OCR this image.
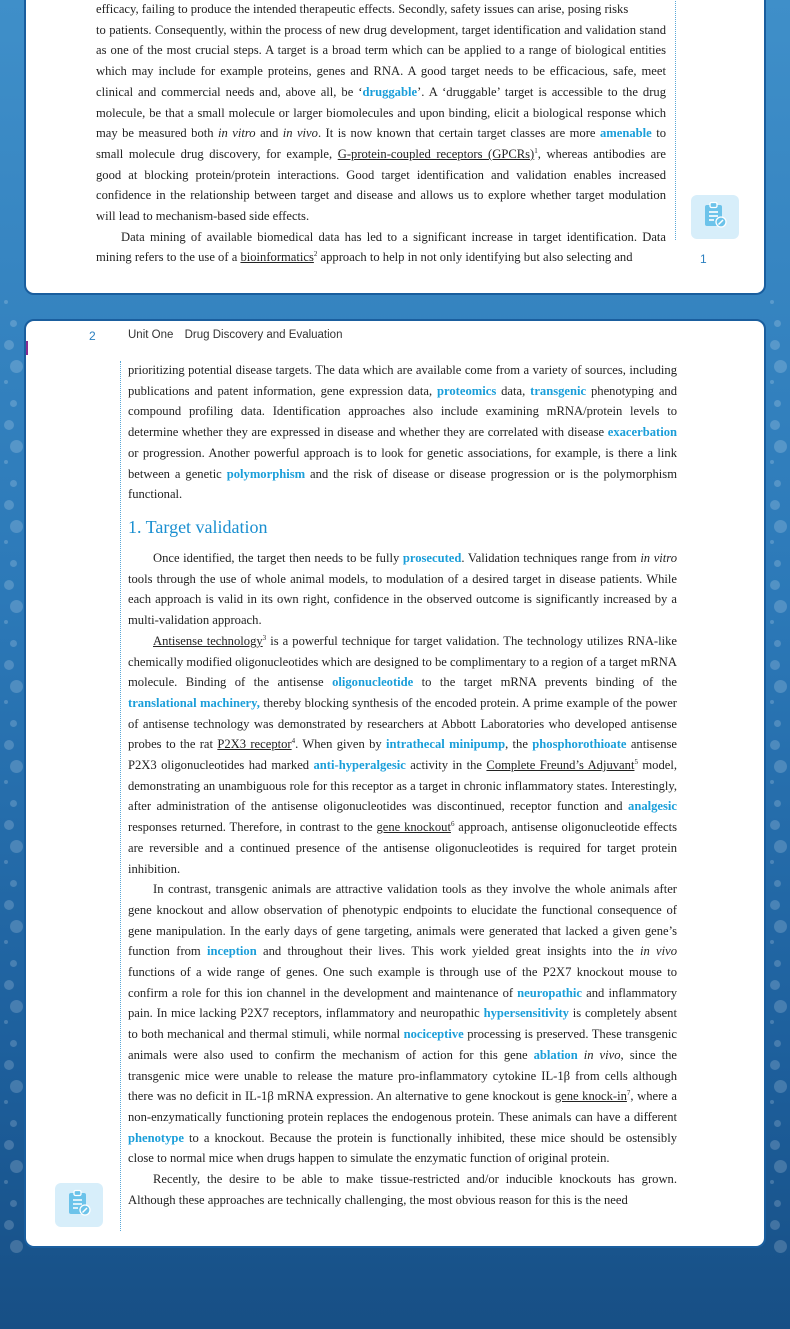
efficacy, failing to produce the intended therapeutic effects. Secondly, safety issues can arise, posing risks

to patients. Consequently, within the process of new drug development, target identification and validation stand as one of the most crucial steps. A target is a broad term which can be applied to a range of biological entities which may include for example proteins, genes and RNA. A good target needs to be efficacious, safe, meet clinical and commercial needs and, above all, be ‘druggable’. A ‘druggable’ target is accessible to the drug molecule, be that a small molecule or larger biomolecules and upon binding, elicit a biological response which may be measured both in vitro and in vivo. It is now known that certain target classes are more amenable to small molecule drug discovery, for example, G-protein-coupled receptors (GPCRs)$^1$, whereas antibodies are good at blocking protein/protein interactions. Good target identification and validation enables increased confidence in the relationship between target and disease and allows us to explore whether target modulation will lead to mechanism-based side effects.

Data mining of available biomedical data has led to a significant increase in target identification. Data mining refers to the use of a bioinformatics$^2$ approach to help in not only identifying but also selecting and	1
2	Unit One Drug Discovery and Evaluation

prioritizing potential disease targets. The data which are available come from a variety of sources, including publications and patent information, gene expression data, proteomics data, transgenic phenotyping and compound profiling data. Identification approaches also include examining mRNA/protein levels to determine whether they are expressed in disease and whether they are correlated with disease exacerbation or progression. Another powerful approach is to look for genetic associations, for example, is there a link between a genetic polymorphism and the risk of disease or disease progression or is the polymorphism functional.

1. Target validation

Once identified, the target then needs to be fully prosecuted. Validation techniques range from in vitro tools through the use of whole animal models, to modulation of a desired target in disease patients. While each approach is valid in its own right, confidence in the observed outcome is significantly increased by a multi-validation approach.

Antisense technology$^3$ is a powerful technique for target validation. The technology utilizes RNA-like chemically modified oligonucleotides which are designed to be complimentary to a region of a target mRNA molecule. Binding of the antisense oligonucleotide to the target mRNA prevents binding of the translational machinery, thereby blocking synthesis of the encoded protein. A prime example of the power of antisense technology was demonstrated by researchers at Abbott Laboratories who developed antisense probes to the rat P2X3 receptor$^4$. When given by intrathecal minipump, the phosphorothioate antisense P2X3 oligonucleotides had marked anti-hyperalgesic activity in the Complete Freund’s Adjuvant$^5$ model, demonstrating an unambiguous role for this receptor as a target in chronic inflammatory states. Interestingly, after administration of the antisense oligonucleotides was discontinued, receptor function and analgesic responses returned. Therefore, in contrast to the gene knockout$^6$ approach, antisense oligonucleotide effects are reversible and a continued presence of the antisense oligonucleotides is required for target protein inhibition.

In contrast, transgenic animals are attractive validation tools as they involve the whole animals after gene knockout and allow observation of phenotypic endpoints to elucidate the functional consequence of gene manipulation. In the early days of gene targeting, animals were generated that lacked a given gene’s function from inception and throughout their lives. This work yielded great insights into the in vivo functions of a wide range of genes. One such example is through use of the P2X7 knockout mouse to confirm a role for this ion channel in the development and maintenance of neuropathic and inflammatory pain. In mice lacking P2X7 receptors, inflammatory and neuropathic hypersensitivity is completely absent to both mechanical and thermal stimuli, while normal nociceptive processing is preserved. These transgenic animals were also used to confirm the mechanism of action for this gene ablation in vivo, since the transgenic mice were unable to release the mature pro-inflammatory cytokine IL-1β from cells although there was no deficit in IL-1β mRNA expression. An alternative to gene knockout is gene knock-$in^7$, where a non-enzymatically functioning protein replaces the endogenous protein. These animals can have a different phenotype to a knockout. Because the protein is functionally inhibited, these mice should be ostensibly close to normal mice when drugs happen to simulate the enzymatic function of original protein.

Recently, the desire to be able to make tissue-restricted and/or inducible knockouts has grown. Although these approaches are technically challenging, the most obvious reason for this is the need
